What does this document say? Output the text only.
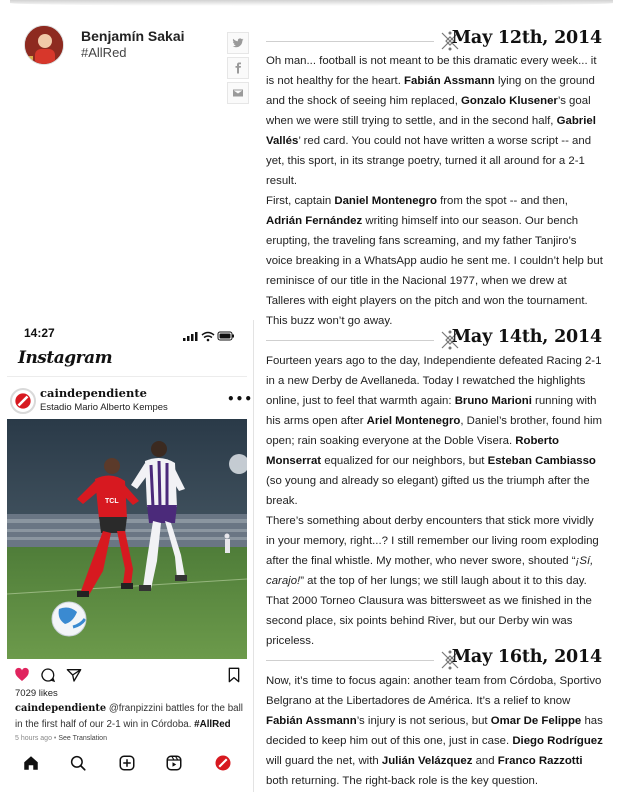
Benjamín Sakai
#AllRed
May 12th, 2014
Oh man... football is not meant to be this dramatic every week... it is not healthy for the heart. Fabián Assmann lying on the ground and the shock of seeing him replaced, Gonzalo Klusener’s goal when we were still trying to settle, and in the second half, Gabriel Vallés’ red card. You could not have written a worse script -- and yet, this sport, in its strange poetry, turned it all around for a 2-1 result.
First, captain Daniel Montenegro from the spot -- and then, Adrián Fernández writing himself into our season. Our bench erupting, the traveling fans screaming, and my father Tanjiro’s voice breaking in a WhatsApp audio he sent me. I couldn’t help but reminisce of our title in the Nacional 1977, when we drew at Talleres with eight players on the pitch and won the tournament. This buzz won’t go away.
May 14th, 2014
Fourteen years ago to the day, Independiente defeated Racing 2-1 in a new Derby de Avellaneda. Today I rewatched the highlights online, just to feel that warmth again: Bruno Marioni running with his arms open after Ariel Montenegro, Daniel’s brother, found him open; rain soaking everyone at the Doble Visera. Roberto Monserrat equalized for our neighbors, but Esteban Cambiasso (so young and already so elegant) gifted us the triumph after the break.
There’s something about derby encounters that stick more vividly in your memory, right...? I still remember our living room exploding after the final whistle. My mother, who never swore, shouted “¡Sí, carajo!” at the top of her lungs; we still laugh about it to this day. That 2000 Torneo Clausura was bittersweet as we finished in the second place, six points behind River, but our Derby win was priceless.
May 16th, 2014
Now, it’s time to focus again: another team from Córdoba, Sportivo Belgrano at the Libertadores de América. It’s a relief to know Fabián Assmann’s injury is not serious, but Omar De Felippe has decided to keep him out of this one, just in case. Diego Rodríguez will guard the net, with Julián Velázquez and Franco Razzotti both returning. The right-back role is the key question.
14:27
Instagram
caindependiente
Estadio Mario Alberto Kempes
•••
TCL
7029 likes
caindependiente @franpizzini battles for the ball in the first half of our 2-1 win in Córdoba. #AllRed
5 hours ago • See Translation
